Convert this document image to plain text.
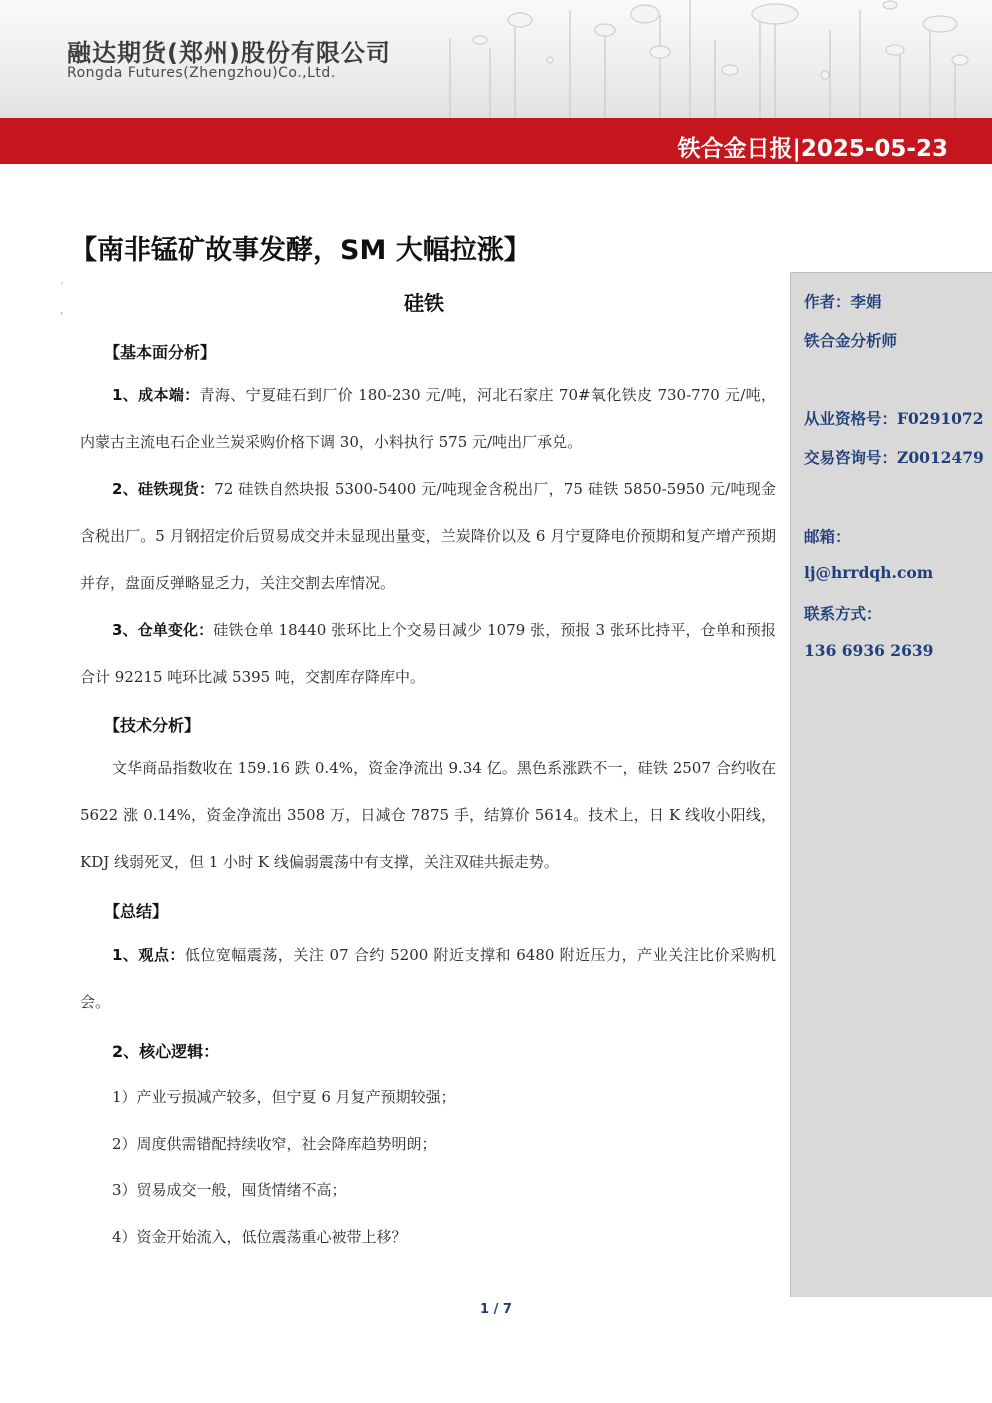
融达期货(郑州)股份有限公司
Rongda Futures(Zhengzhou)Co.,Ltd.
铁合金日报|2025-05-23
【南非锰矿故事发酵，SM 大幅拉涨】
`
,	硅铁
【基本面分析】
1、成本端：青海、宁夏硅石到厂价 180-230 元/吨，河北石家庄 70#氧化铁皮 730-770 元/吨，内蒙古主流电石企业兰炭采购价格下调 30，小料执行 575 元/吨出厂承兑。
2、硅铁现货：72 硅铁自然块报 5300-5400 元/吨现金含税出厂，75 硅铁 5850-5950 元/吨现金含税出厂。5 月钢招定价后贸易成交并未显现出量变，兰炭降价以及 6 月宁夏降电价预期和复产增产预期并存，盘面反弹略显乏力，关注交割去库情况。
3、仓单变化：硅铁仓单 18440 张环比上个交易日减少 1079 张，预报 3 张环比持平，仓单和预报合计 92215 吨环比减 5395 吨，交割库存降库中。
【技术分析】
文华商品指数收在 159.16 跌 0.4%，资金净流出 9.34 亿。黑色系涨跌不一，硅铁 2507 合约收在 5622 涨 0.14%，资金净流出 3508 万，日减仓 7875 手，结算价 5614。技术上，日 K 线收小阳线，KDJ 线弱死叉，但 1 小时 K 线偏弱震荡中有支撑，关注双硅共振走势。
【总结】
1、观点：低位宽幅震荡，关注 07 合约 5200 附近支撑和 6480 附近压力，产业关注比价采购机会。
2、核心逻辑：
1）产业亏损减产较多，但宁夏 6 月复产预期较强；
2）周度供需错配持续收窄，社会降库趋势明朗；
3）贸易成交一般，囤货情绪不高；
4）资金开始流入，低位震荡重心被带上移？
作者：李娟
铁合金分析师
从业资格号：F0291072
交易咨询号：Z0012479
邮箱：
lj@hrrdqh.com
联系方式：
136 6936 2639
1 / 7
